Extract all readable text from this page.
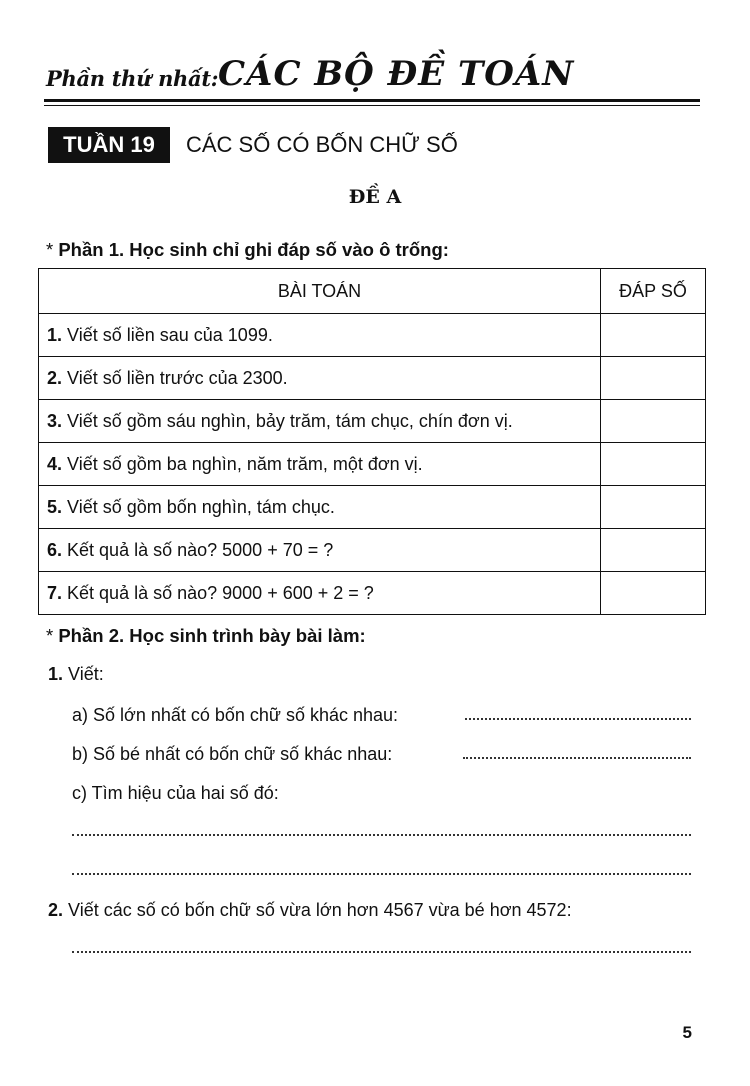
Phần thứ nhất: CÁC BỘ ĐỀ TOÁN
TUẦN 19	CÁC SỐ CÓ BỐN CHỮ SỐ
ĐỀ A
* Phần 1. Học sinh chỉ ghi đáp số vào ô trống:
BÀI TOÁN	ĐÁP SỐ
1. Viết số liền sau của 1099.	
2. Viết số liền trước của 2300.	
3. Viết số gồm sáu nghìn, bảy trăm, tám chục, chín đơn vị.	
4. Viết số gồm ba nghìn, năm trăm, một đơn vị.	
5. Viết số gồm bốn nghìn, tám chục.	
6. Kết quả là số nào? 5000 + 70 = ?	
7. Kết quả là số nào? 9000 + 600 + 2 = ?	
* Phần 2. Học sinh trình bày bài làm:
1. Viết:
a) Số lớn nhất có bốn chữ số khác nhau:
b) Số bé nhất có bốn chữ số khác nhau:
c) Tìm hiệu của hai số đó:
2. Viết các số có bốn chữ số vừa lớn hơn 4567 vừa bé hơn 4572:
5
